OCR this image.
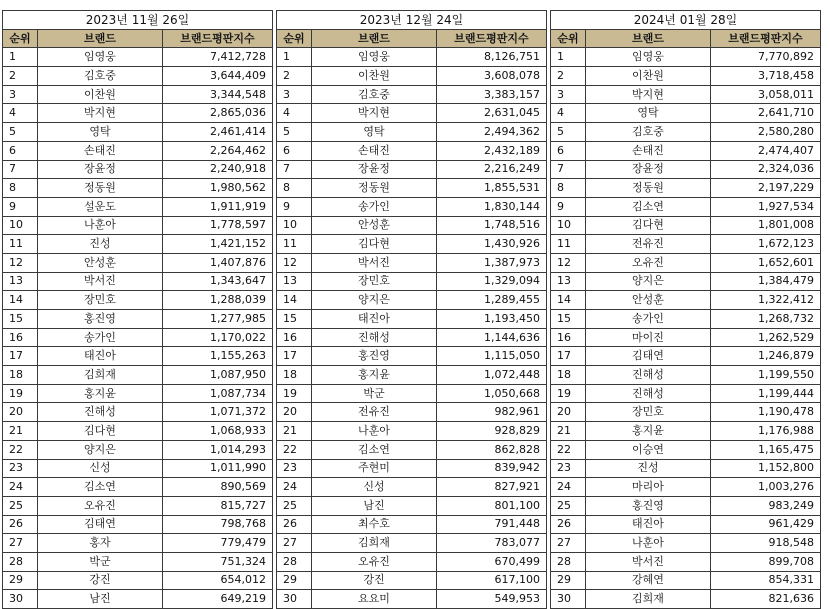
2023년 11월 26일		
순위	브랜드	브랜드평판지수
1	임영웅	7,412,728
2	김호중	3,644,409
3	이찬원	3,344,548
4	박지현	2,865,036
5	영탁	2,461,414
6	손태진	2,264,462
7	장윤정	2,240,918
8	정동원	1,980,562
9	설운도	1,911,919
10	나훈아	1,778,597
11	진성	1,421,152
12	안성훈	1,407,876
13	박서진	1,343,647
14	장민호	1,288,039
15	홍진영	1,277,985
16	송가인	1,170,022
17	태진아	1,155,263
18	김희재	1,087,950
19	홍지윤	1,087,734
20	진해성	1,071,372
21	김다현	1,068,933
22	양지은	1,014,293
23	신성	1,011,990
24	김소연	890,569
25	오유진	815,727
26	김태연	798,768
27	홍자	779,479
28	박군	751,324
29	강진	654,012
30	남진	649,219
2023년 12월 24일		
순위	브랜드	브랜드평판지수
1	임영웅	8,126,751
2	이찬원	3,608,078
3	김호중	3,383,157
4	박지현	2,631,045
5	영탁	2,494,362
6	손태진	2,432,189
7	장윤정	2,216,249
8	정동원	1,855,531
9	송가인	1,830,144
10	안성훈	1,748,516
11	김다현	1,430,926
12	박서진	1,387,973
13	장민호	1,329,094
14	양지은	1,289,455
15	태진아	1,193,450
16	진해성	1,144,636
17	홍진영	1,115,050
18	홍지윤	1,072,448
19	박군	1,050,668
20	전유진	982,961
21	나훈아	928,829
22	김소연	862,828
23	주현미	839,942
24	신성	827,921
25	남진	801,100
26	최수호	791,448
27	김희재	783,077
28	오유진	670,499
29	강진	617,100
30	요요미	549,953
2024년 01월 28일		
순위	브랜드	브랜드평판지수
1	임영웅	7,770,892
2	이찬원	3,718,458
3	박지현	3,058,011
4	영탁	2,641,710
5	김호중	2,580,280
6	손태진	2,474,407
7	장윤정	2,324,036
8	정동원	2,197,229
9	김소연	1,927,534
10	김다현	1,801,008
11	전유진	1,672,123
12	오유진	1,652,601
13	양지은	1,384,479
14	안성훈	1,322,412
15	송가인	1,268,732
16	마이진	1,262,529
17	김태연	1,246,879
18	진해성	1,199,550
19	진해성	1,199,444
20	장민호	1,190,478
21	홍지윤	1,176,988
22	이승연	1,165,475
23	진성	1,152,800
24	마리아	1,003,276
25	홍진영	983,249
26	태진아	961,429
27	나훈아	918,548
28	박서진	899,708
29	강혜연	854,331
30	김희재	821,636
